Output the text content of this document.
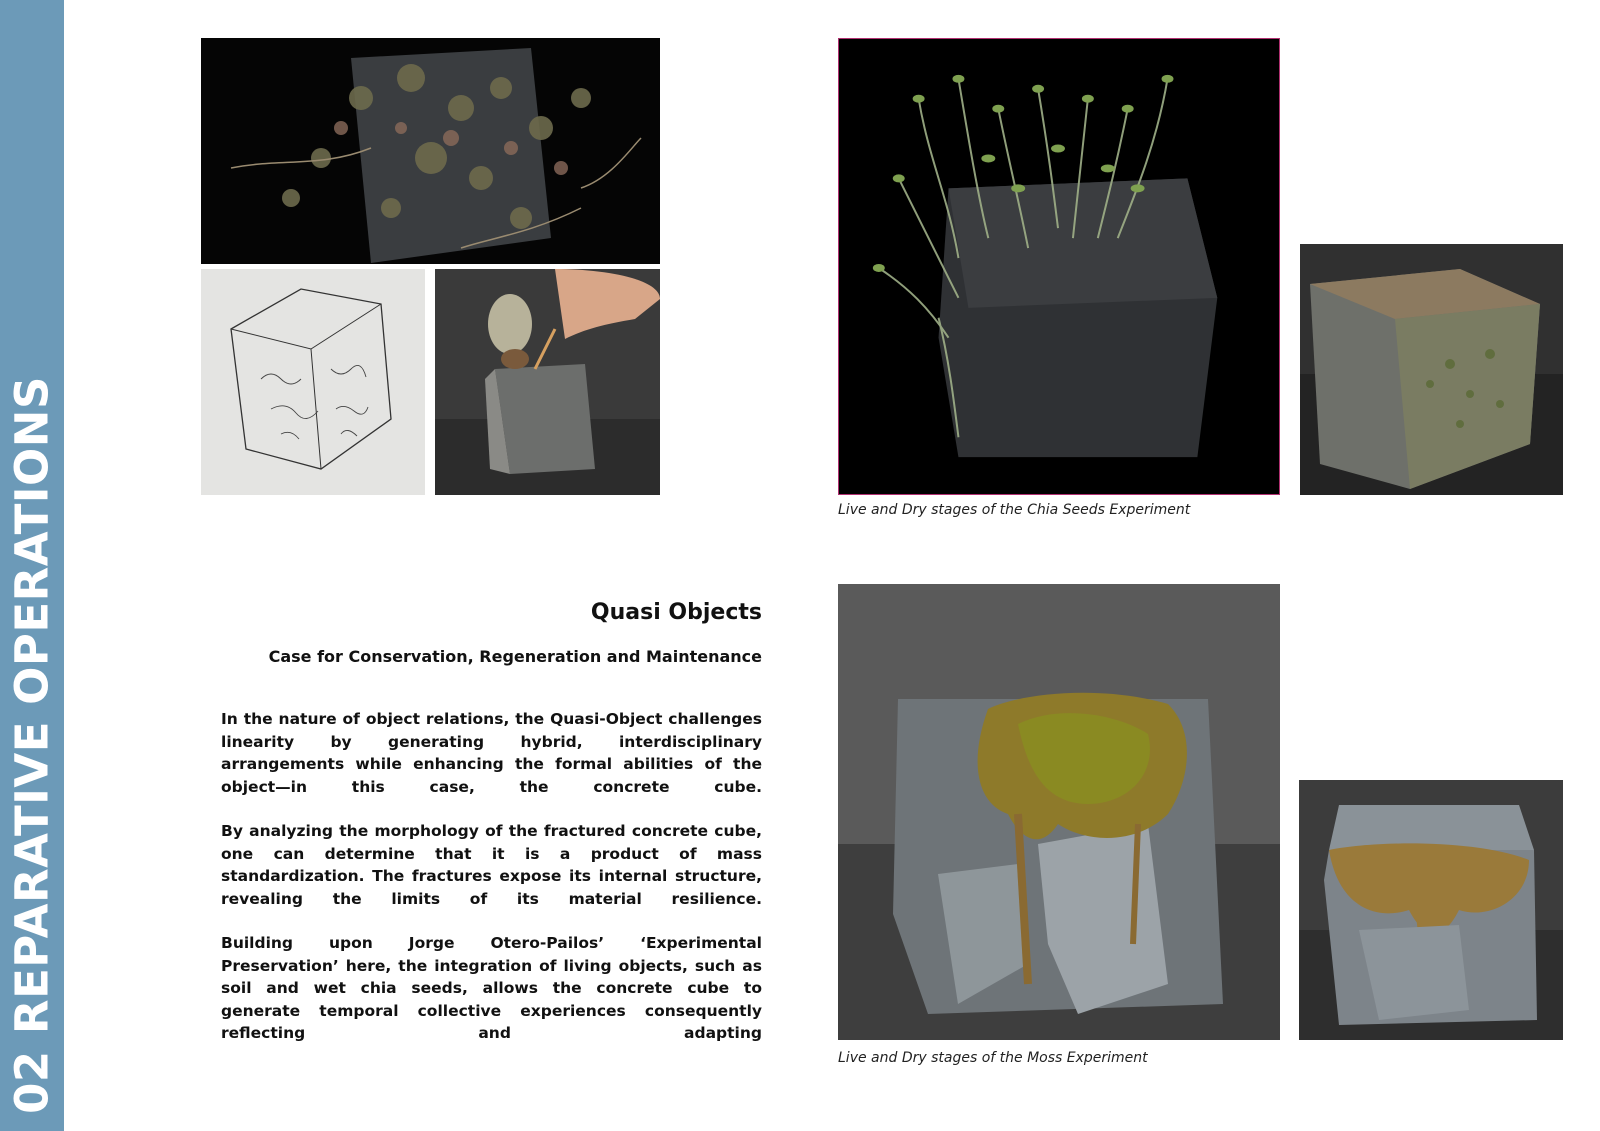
02 REPARATIVE OPERATIONS	Live and Dry stages of the Chia Seeds Experiment
Live and Dry stages of the Moss Experiment
Quasi Objects
Case for Conservation, Regeneration and Maintenance

In the nature of object relations, the Quasi-Object challenges linearity by generating hybrid, interdisciplinary arrangements while enhancing the formal abilities of the object—in this case, the concrete cube.

By analyzing the morphology of the fractured concrete cube, one can determine that it is a product of mass standardization. The fractures expose its internal structure, revealing the limits of its material resilience.

Building upon Jorge Otero-Pailos’ ‘Experimental Preservation’ here, the integration of living objects, such as soil and wet chia seeds, allows the concrete cube to generate temporal collective experiences consequently reflecting and adapting
